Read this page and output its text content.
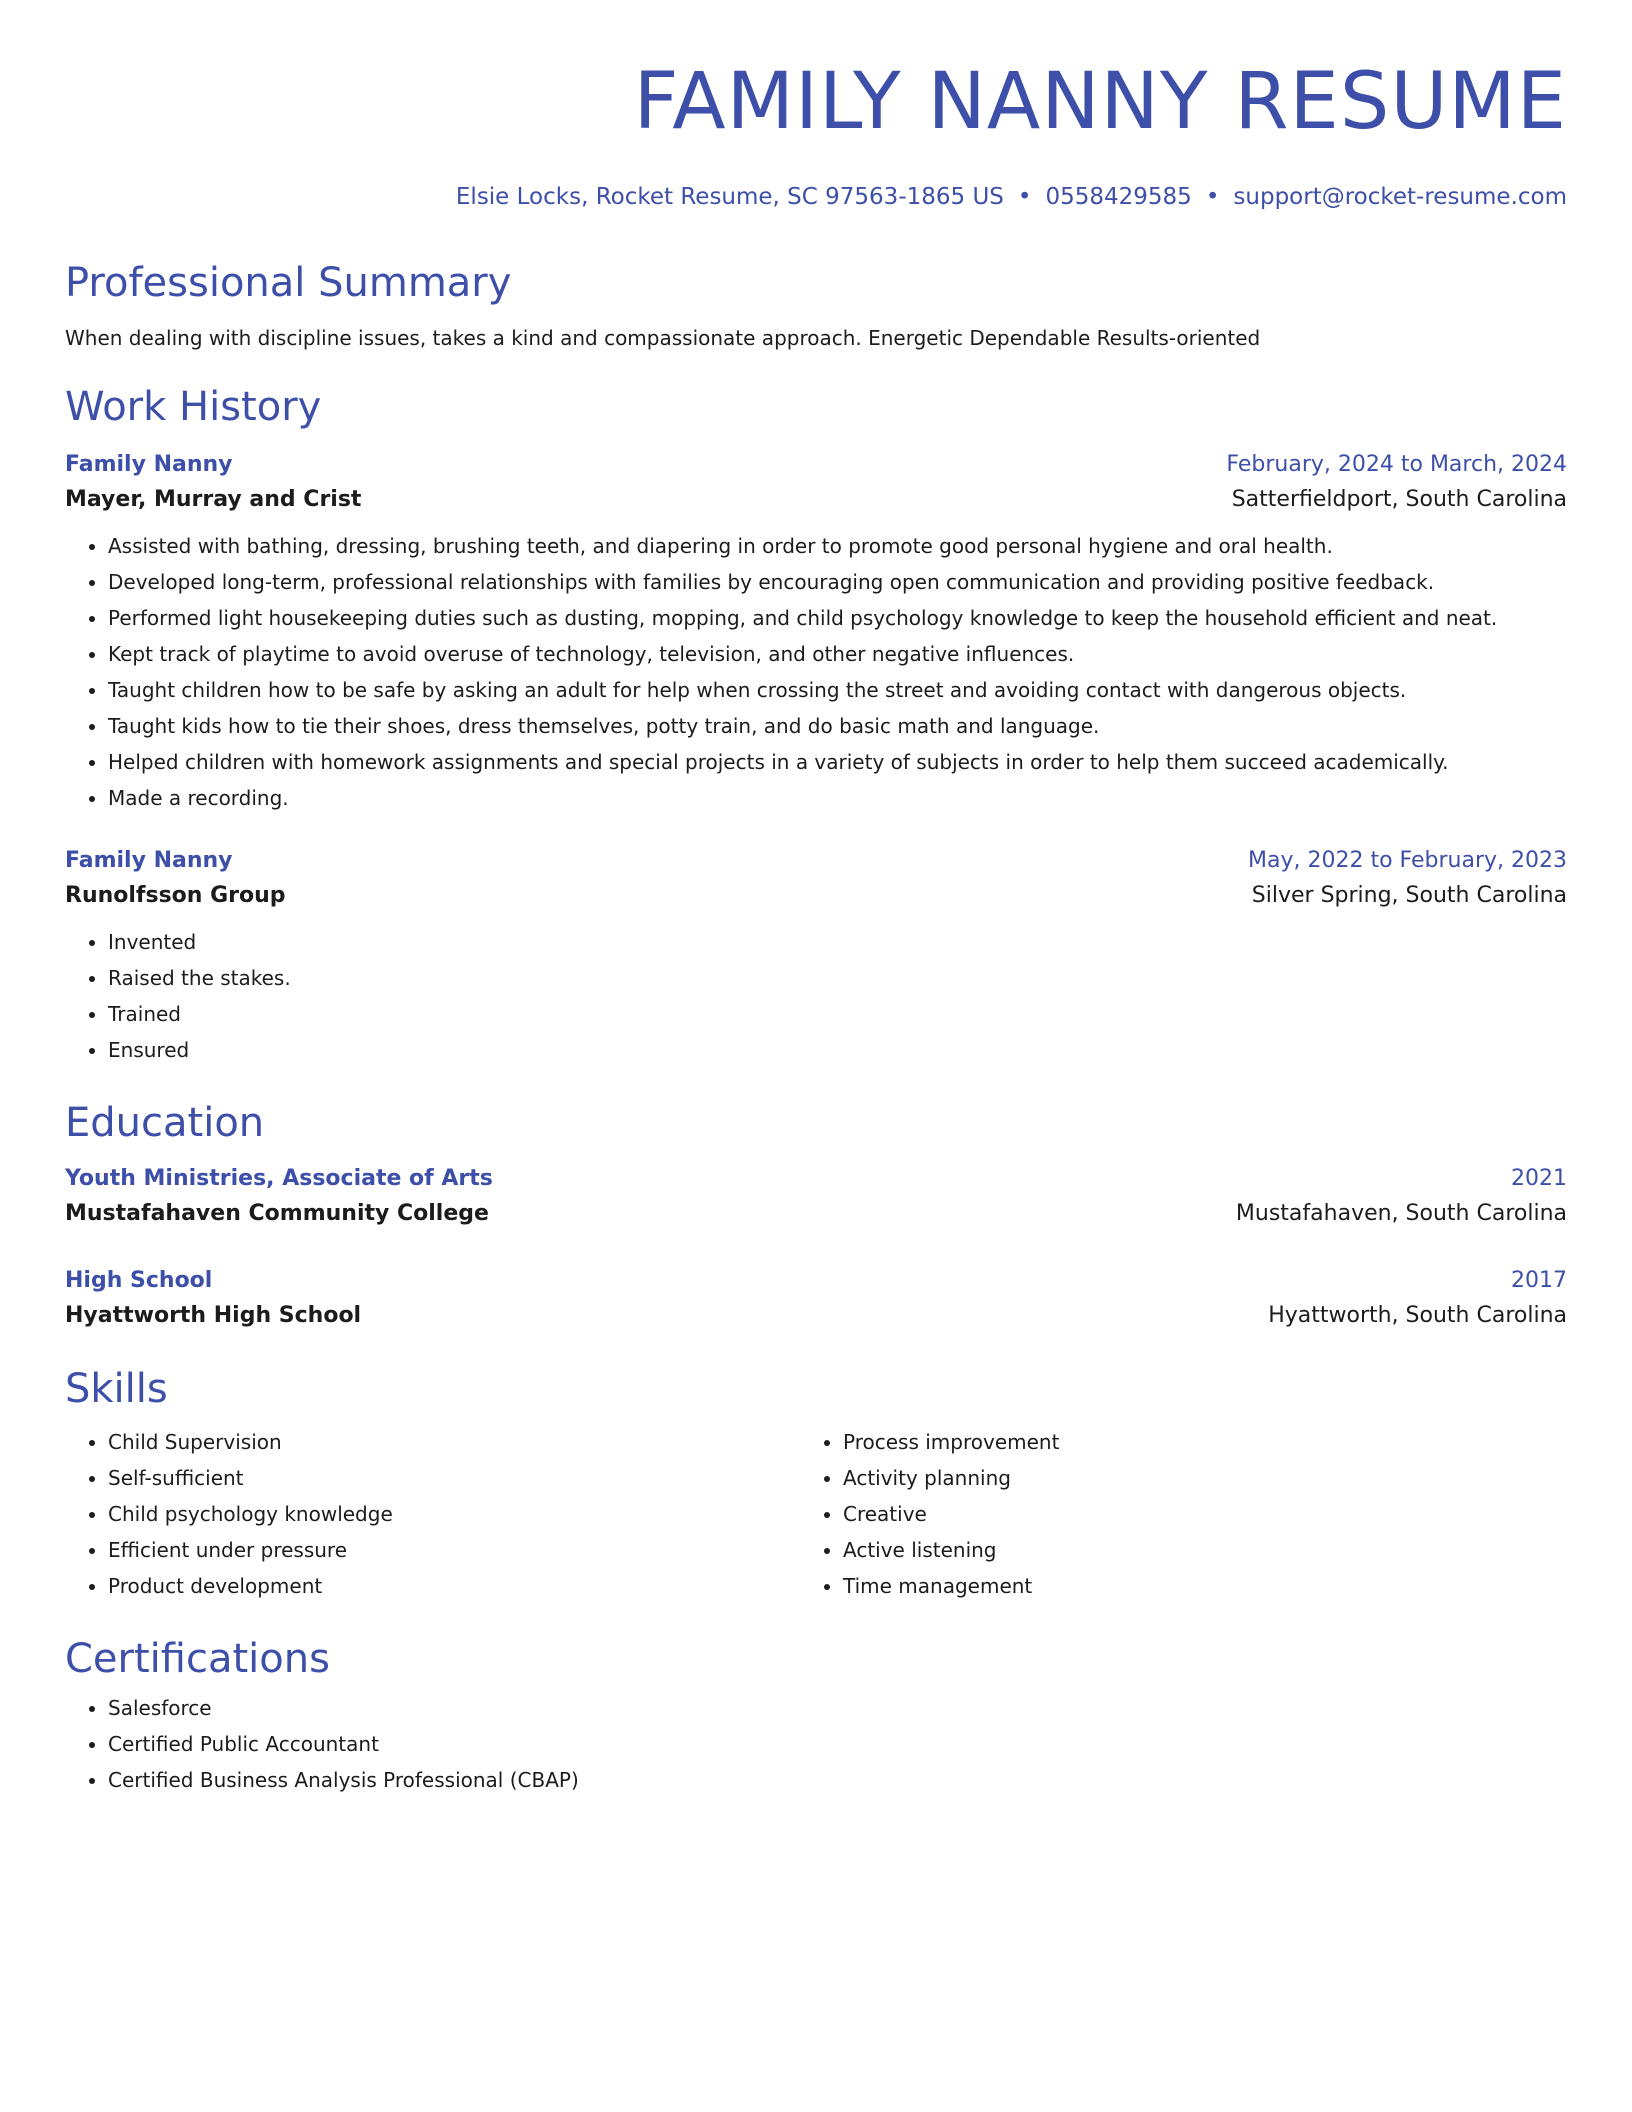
FAMILY NANNY RESUME
Elsie Locks, Rocket Resume, SC 97563-1865 US • 0558429585 • support@rocket-resume.com
Professional Summary
When dealing with discipline issues, takes a kind and compassionate approach. Energetic Dependable Results-oriented
Work History
Family Nanny	February, 2024 to March, 2024
Mayer, Murray and Crist	Satterfieldport, South Carolina
• Assisted with bathing, dressing, brushing teeth, and diapering in order to promote good personal hygiene and oral health.
• Developed long-term, professional relationships with families by encouraging open communication and providing positive feedback.
• Performed light housekeeping duties such as dusting, mopping, and child psychology knowledge to keep the household efficient and neat.
• Kept track of playtime to avoid overuse of technology, television, and other negative influences.
• Taught children how to be safe by asking an adult for help when crossing the street and avoiding contact with dangerous objects.
• Taught kids how to tie their shoes, dress themselves, potty train, and do basic math and language.
• Helped children with homework assignments and special projects in a variety of subjects in order to help them succeed academically.
• Made a recording.
Family Nanny	May, 2022 to February, 2023
Runolfsson Group	Silver Spring, South Carolina
• Invented
• Raised the stakes.
• Trained
• Ensured
Education
Youth Ministries, Associate of Arts	2021
Mustafahaven Community College	Mustafahaven, South Carolina
High School	2017
Hyattworth High School	Hyattworth, South Carolina
Skills
• Child Supervision
• Self-sufficient
• Child psychology knowledge
• Efficient under pressure
• Product development
• Process improvement
• Activity planning
• Creative
• Active listening
• Time management
Certifications
• Salesforce
• Certified Public Accountant
• Certified Business Analysis Professional (CBAP)
